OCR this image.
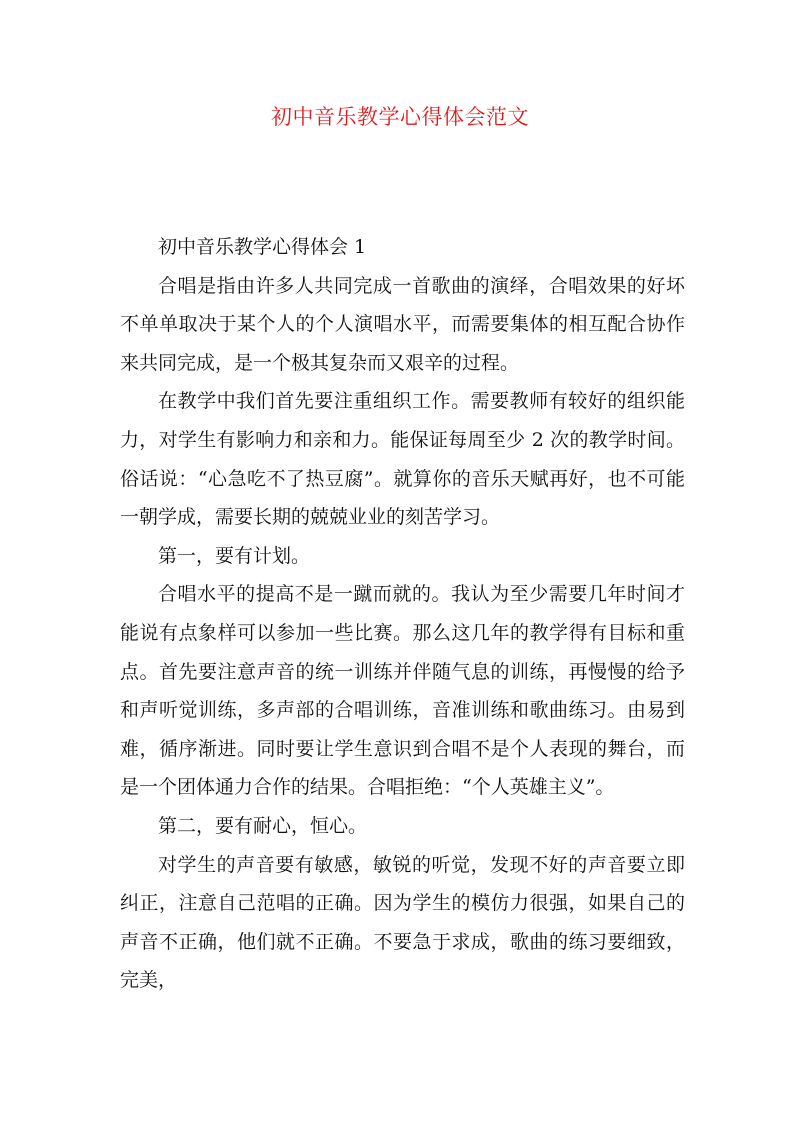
初中音乐教学心得体会范文

初中音乐教学心得体会 1

合唱是指由许多人共同完成一首歌曲的演绎，合唱效果的好坏不单单取决于某个人的个人演唱水平，而需要集体的相互配合协作来共同完成，是一个极其复杂而又艰辛的过程。

在教学中我们首先要注重组织工作。需要教师有较好的组织能力，对学生有影响力和亲和力。能保证每周至少 2 次的教学时间。俗话说：“心急吃不了热豆腐”。就算你的音乐天赋再好，也不可能一朝学成，需要长期的兢兢业业的刻苦学习。

第一，要有计划。

合唱水平的提高不是一蹴而就的。我认为至少需要几年时间才能说有点象样可以参加一些比赛。那么这几年的教学得有目标和重点。首先要注意声音的统一训练并伴随气息的训练，再慢慢的给予和声听觉训练，多声部的合唱训练，音准训练和歌曲练习。由易到难，循序渐进。同时要让学生意识到合唱不是个人表现的舞台，而是一个团体通力合作的结果。合唱拒绝：“个人英雄主义”。

第二，要有耐心，恒心。

对学生的声音要有敏感，敏锐的听觉，发现不好的声音要立即纠正，注意自己范唱的正确。因为学生的模仿力很强，如果自己的声音不正确，他们就不正确。不要急于求成，歌曲的练习要细致，完美，
